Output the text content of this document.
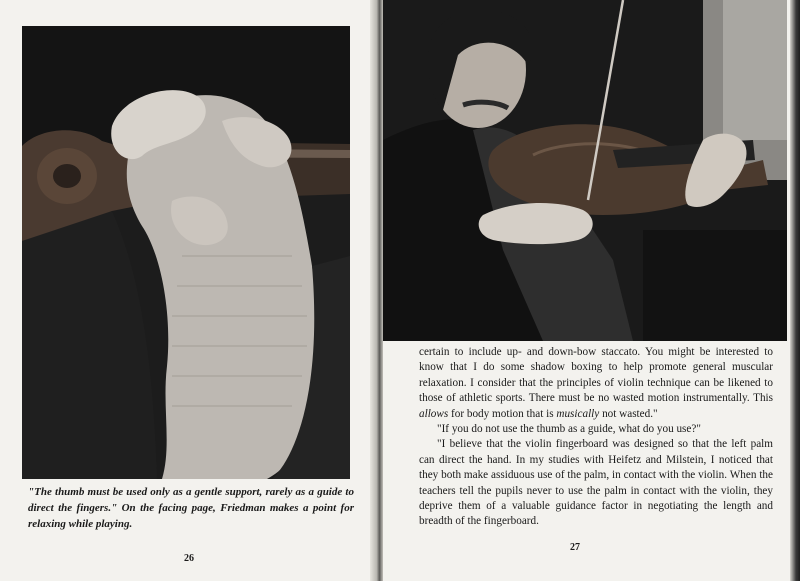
"The thumb must be used only as a gentle support, rarely as a guide to direct the fingers." On the facing page, Friedman makes a point for relaxing while playing.

26

certain to include up- and down-bow staccato. You might be interested to know that I do some shadow boxing to help promote general muscular relaxation. I consider that the principles of violin technique can be likened to those of athletic sports. There must be no wasted motion instrumentally. This allows for body motion that is musically not wasted."

"If you do not use the thumb as a guide, what do you use?"

"I believe that the violin fingerboard was designed so that the left palm can direct the hand. In my studies with Heifetz and Milstein, I noticed that they both make assiduous use of the palm, in contact with the violin. When the teachers tell the pupils never to use the palm in contact with the violin, they deprive them of a valuable guidance factor in negotiating the length and breadth of the fingerboard.

27
